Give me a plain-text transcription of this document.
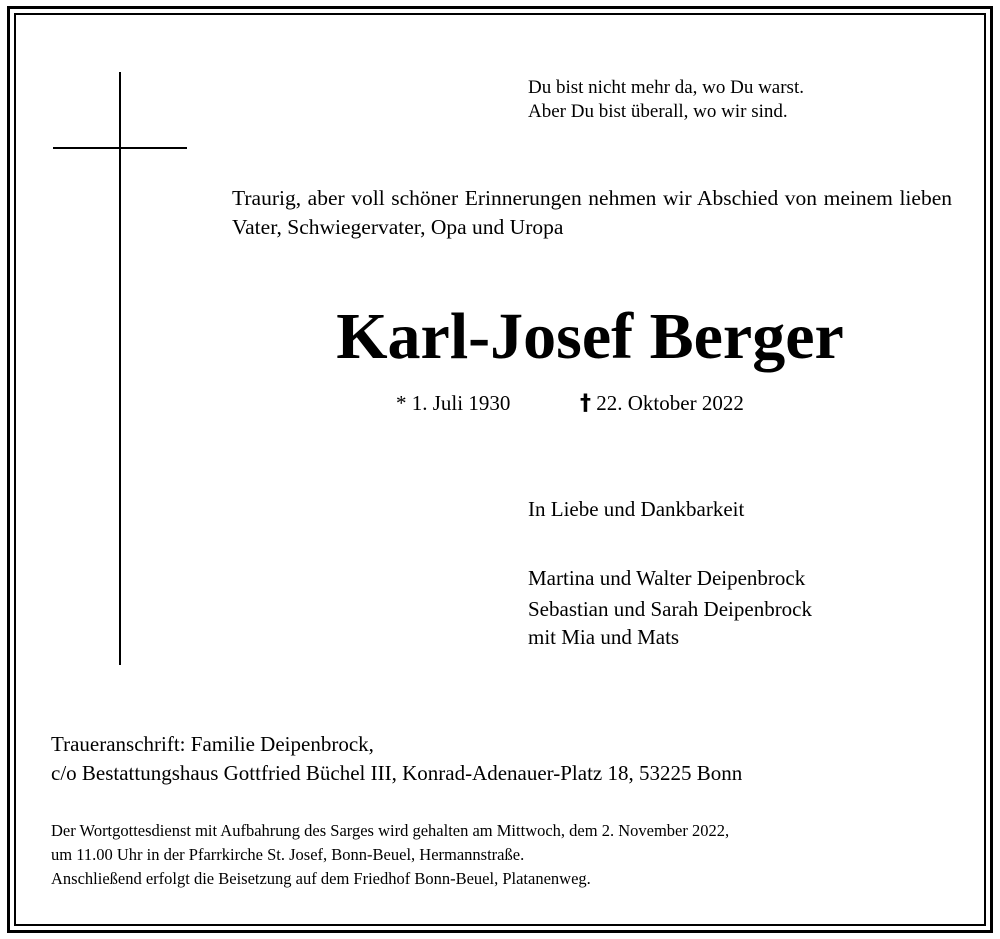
Du bist nicht mehr da, wo Du warst.
Aber Du bist überall, wo wir sind.
Traurig, aber voll schöner Erinnerungen nehmen wir Abschied von meinem lieben Vater, Schwiegervater, Opa und Uropa
Karl-Josef Berger
* 1. Juli 1930	† 22. Oktober 2022
In Liebe und Dankbarkeit
Martina und Walter Deipenbrock
Sebastian und Sarah Deipenbrock
mit Mia und Mats
Traueranschrift: Familie Deipenbrock,
c/o Bestattungshaus Gottfried Büchel III, Konrad-Adenauer-Platz 18, 53225 Bonn
Der Wortgottesdienst mit Aufbahrung des Sarges wird gehalten am Mittwoch, dem 2. November 2022,
um 11.00 Uhr in der Pfarrkirche St. Josef, Bonn-Beuel, Hermannstraße.
Anschließend erfolgt die Beisetzung auf dem Friedhof Bonn-Beuel, Platanenweg.
